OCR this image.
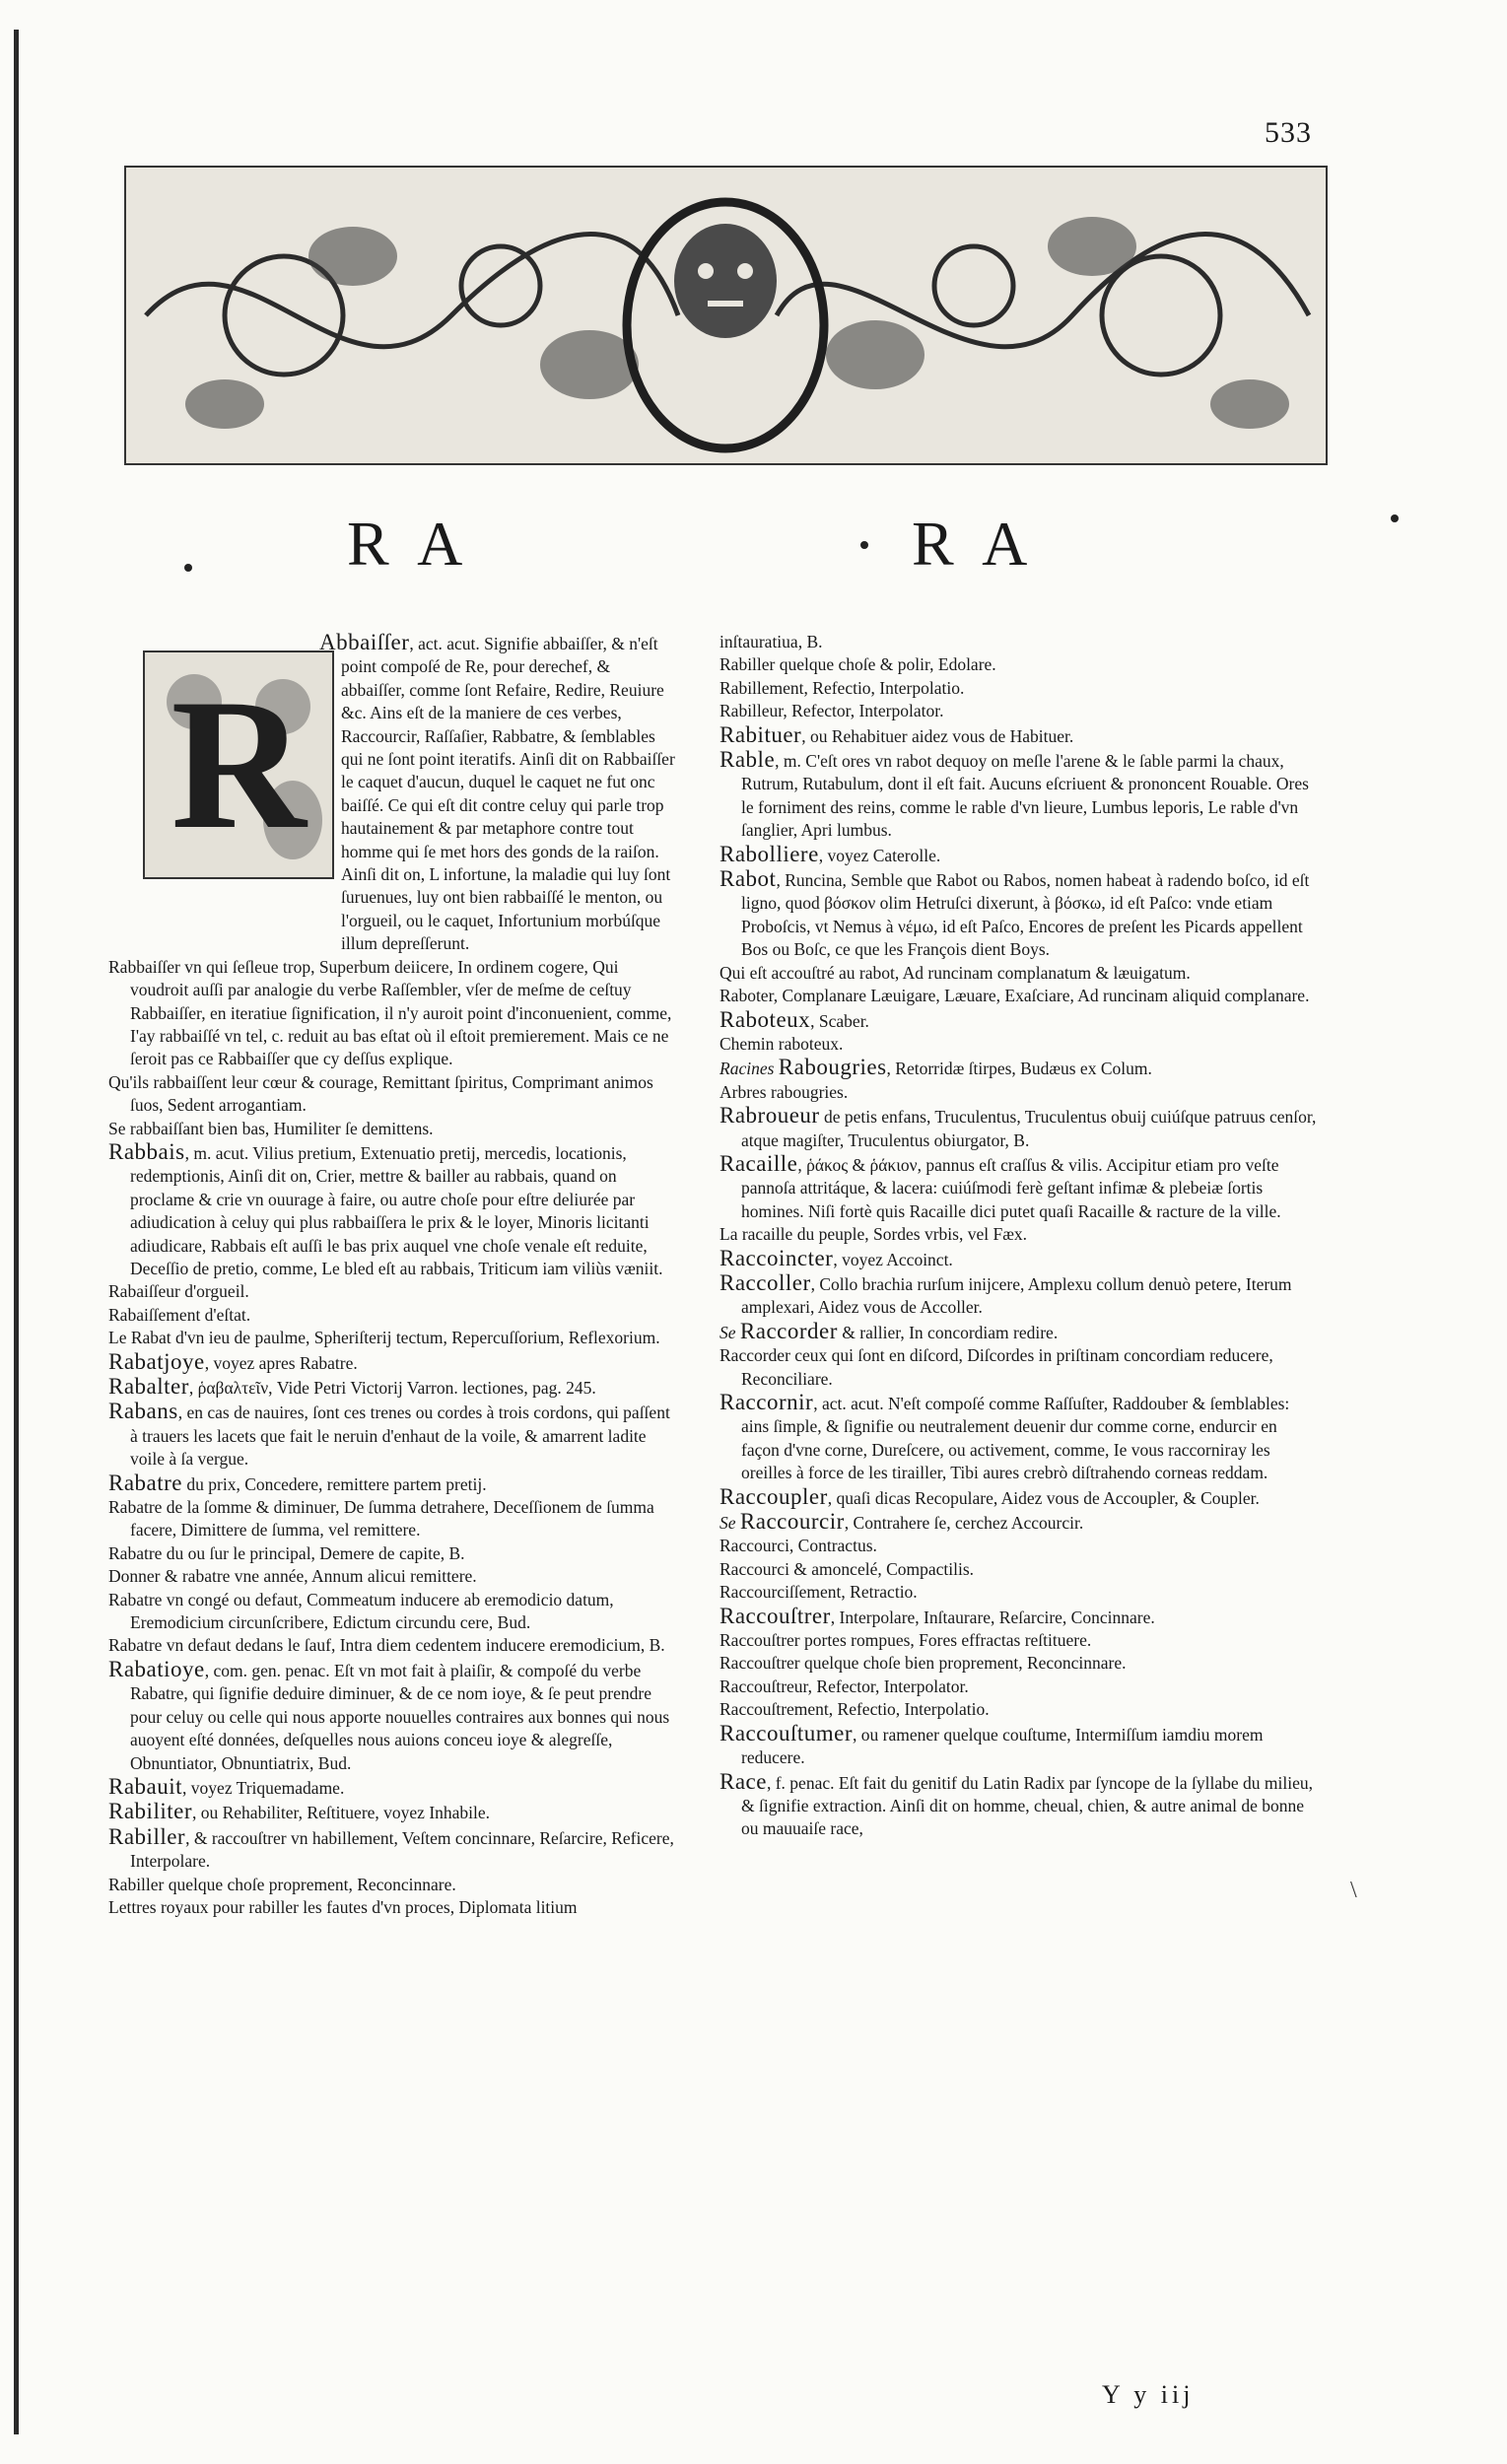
533
R A	R A
R

Abbaiſſer, act. acut. Signifie abbaiſſer, & n'eſt point compoſé de Re, pour derechef, & abbaiſſer, comme ſont Refaire, Redire, Reuiure &c. Ains eſt de la maniere de ces verbes, Raccourcir, Raſſaſier, Rabbatre, & ſemblables qui ne ſont point iteratifs. Ainſi dit on Rabbaiſſer le caquet d'aucun, duquel le caquet ne fut onc baiſſé. Ce qui eſt dit contre celuy qui parle trop hautainement & par metaphore contre tout homme qui ſe met hors des gonds de la raiſon. Ainſi dit on, L infortune, la maladie qui luy ſont ſuruenues, luy ont bien rabbaiſſé le menton, ou l'orgueil, ou le caquet, Infortunium morbúſque illum depreſſerunt.

Rabbaiſſer vn qui ſeſleue trop, Superbum deiicere, In ordinem cogere, Qui voudroit auſſi par analogie du verbe Raſſembler, vſer de meſme de ceſtuy Rabbaiſſer, en iteratiue ſignification, il n'y auroit point d'inconuenient, comme, I'ay rabbaiſſé vn tel, c. reduit au bas eſtat où il eſtoit premierement. Mais ce ne ſeroit pas ce Rabbaiſſer que cy deſſus explique.

Qu'ils rabbaiſſent leur cœur & courage, Remittant ſpiritus, Comprimant animos ſuos, Sedent arrogantiam.

Se rabbaiſſant bien bas, Humiliter ſe demittens.

Rabbais, m. acut. Vilius pretium, Extenuatio pretij, mercedis, locationis, redemptionis, Ainſi dit on, Crier, mettre & bailler au rabbais, quand on proclame & crie vn ouurage à faire, ou autre choſe pour eſtre deliurée par adiudication à celuy qui plus rabbaiſſera le prix & le loyer, Minoris licitanti adiudicare, Rabbais eſt auſſi le bas prix auquel vne choſe venale eſt reduite, Deceſſio de pretio, comme, Le bled eſt au rabbais, Triticum iam viliùs væniit.

Rabaiſſeur d'orgueil.

Rabaiſſement d'eſtat.

Le Rabat d'vn ieu de paulme, Spheriſterij tectum, Repercuſſorium, Reflexorium.

Rabatjoye, voyez apres Rabatre.

Rabalter, ῥαβαλτεῖν, Vide Petri Victorij Varron. lectiones, pag. 245.

Rabans, en cas de nauires, ſont ces trenes ou cordes à trois cordons, qui paſſent à trauers les lacets que fait le neruin d'enhaut de la voile, & amarrent ladite voile à ſa vergue.

Rabatre du prix, Concedere, remittere partem pretij.

Rabatre de la ſomme & diminuer, De ſumma detrahere, Deceſſionem de ſumma facere, Dimittere de ſumma, vel remittere.

Rabatre du ou ſur le principal, Demere de capite, B.

Donner & rabatre vne année, Annum alicui remittere.

Rabatre vn congé ou defaut, Commeatum inducere ab eremodicio datum, Eremodicium circunſcribere, Edictum circundu cere, Bud.

Rabatre vn defaut dedans le ſauf, Intra diem cedentem inducere eremodicium, B.

Rabatioye, com. gen. penac. Eſt vn mot fait à plaiſir, & compoſé du verbe Rabatre, qui ſignifie deduire diminuer, & de ce nom ioye, & ſe peut prendre pour celuy ou celle qui nous apporte nouuelles contraires aux bonnes qui nous auoyent eſté données, deſquelles nous auions conceu ioye & alegreſſe, Obnuntiator, Obnuntiatrix, Bud.

Rabauit, voyez Triquemadame.

Rabiliter, ou Rehabiliter, Reſtituere, voyez Inhabile.

Rabiller, & raccouſtrer vn habillement, Veſtem concinnare, Reſarcire, Reficere, Interpolare.

Rabiller quelque choſe proprement, Reconcinnare.

Lettres royaux pour rabiller les fautes d'vn proces, Diplomata litium

inſtauratiua, B.

Rabiller quelque choſe & polir, Edolare.

Rabillement, Refectio, Interpolatio.

Rabilleur, Refector, Interpolator.

Rabituer, ou Rehabituer aidez vous de Habituer.

Rable, m. C'eſt ores vn rabot dequoy on meſle l'arene & le ſable parmi la chaux, Rutrum, Rutabulum, dont il eſt fait. Aucuns eſcriuent & prononcent Rouable. Ores le forniment des reins, comme le rable d'vn lieure, Lumbus leporis, Le rable d'vn ſanglier, Apri lumbus.

Rabolliere, voyez Caterolle.

Rabot, Runcina, Semble que Rabot ou Rabos, nomen habeat à radendo boſco, id eſt ligno, quod βόσκον olim Hetruſci dixerunt, à βόσκω, id eſt Paſco: vnde etiam Proboſcis, vt Nemus à νέμω, id eſt Paſco, Encores de preſent les Picards appellent Bos ou Boſc, ce que les François dient Boys.

Qui eſt accouſtré au rabot, Ad runcinam complanatum & læuigatum.

Raboter, Complanare Læuigare, Læuare, Exaſciare, Ad runcinam aliquid complanare.

Raboteux, Scaber.

Chemin raboteux.

Racines Rabougries, Retorridæ ſtirpes, Budæus ex Colum.

Arbres rabougries.

Rabroueur de petis enfans, Truculentus, Truculentus obuij cuiúſque patruus cenſor, atque magiſter, Truculentus obiurgator, B.

Racaille, ῥάκος & ῥάκιον, pannus eſt craſſus & vilis. Accipitur etiam pro veſte pannoſa attritáque, & lacera: cuiúſmodi ferè geſtant infimæ & plebeiæ ſortis homines. Niſi fortè quis Racaille dici putet quaſi Racaille & racture de la ville.

La racaille du peuple, Sordes vrbis, vel Fæx.

Raccoincter, voyez Accoinct.

Raccoller, Collo brachia rurſum inijcere, Amplexu collum denuò petere, Iterum amplexari, Aidez vous de Accoller.

Se Raccorder & rallier, In concordiam redire.

Raccorder ceux qui ſont en diſcord, Diſcordes in priſtinam concordiam reducere, Reconciliare.

Raccornir, act. acut. N'eſt compoſé comme Raſſuſter, Raddouber & ſemblables: ains ſimple, & ſignifie ou neutralement deuenir dur comme corne, endurcir en façon d'vne corne, Dureſcere, ou activement, comme, Ie vous raccorniray les oreilles à force de les tirailler, Tibi aures crebrò diſtrahendo corneas reddam.

Raccoupler, quaſi dicas Recopulare, Aidez vous de Accoupler, & Coupler.

Se Raccourcir, Contrahere ſe, cerchez Accourcir.

Raccourci, Contractus.

Raccourci & amoncelé, Compactilis.

Raccourciſſement, Retractio.

Raccouſtrer, Interpolare, Inſtaurare, Reſarcire, Concinnare.

Raccouſtrer portes rompues, Fores effractas reſtituere.

Raccouſtrer quelque choſe bien proprement, Reconcinnare.

Raccouſtreur, Refector, Interpolator.

Raccouſtrement, Refectio, Interpolatio.

Raccouſtumer, ou ramener quelque couſtume, Intermiſſum iamdiu morem reducere.

Race, f. penac. Eſt fait du genitif du Latin Radix par ſyncope de la ſyllabe du milieu, & ſignifie extraction. Ainſi dit on homme, cheual, chien, & autre animal de bonne ou mauuaiſe race,

Y y iij
\
